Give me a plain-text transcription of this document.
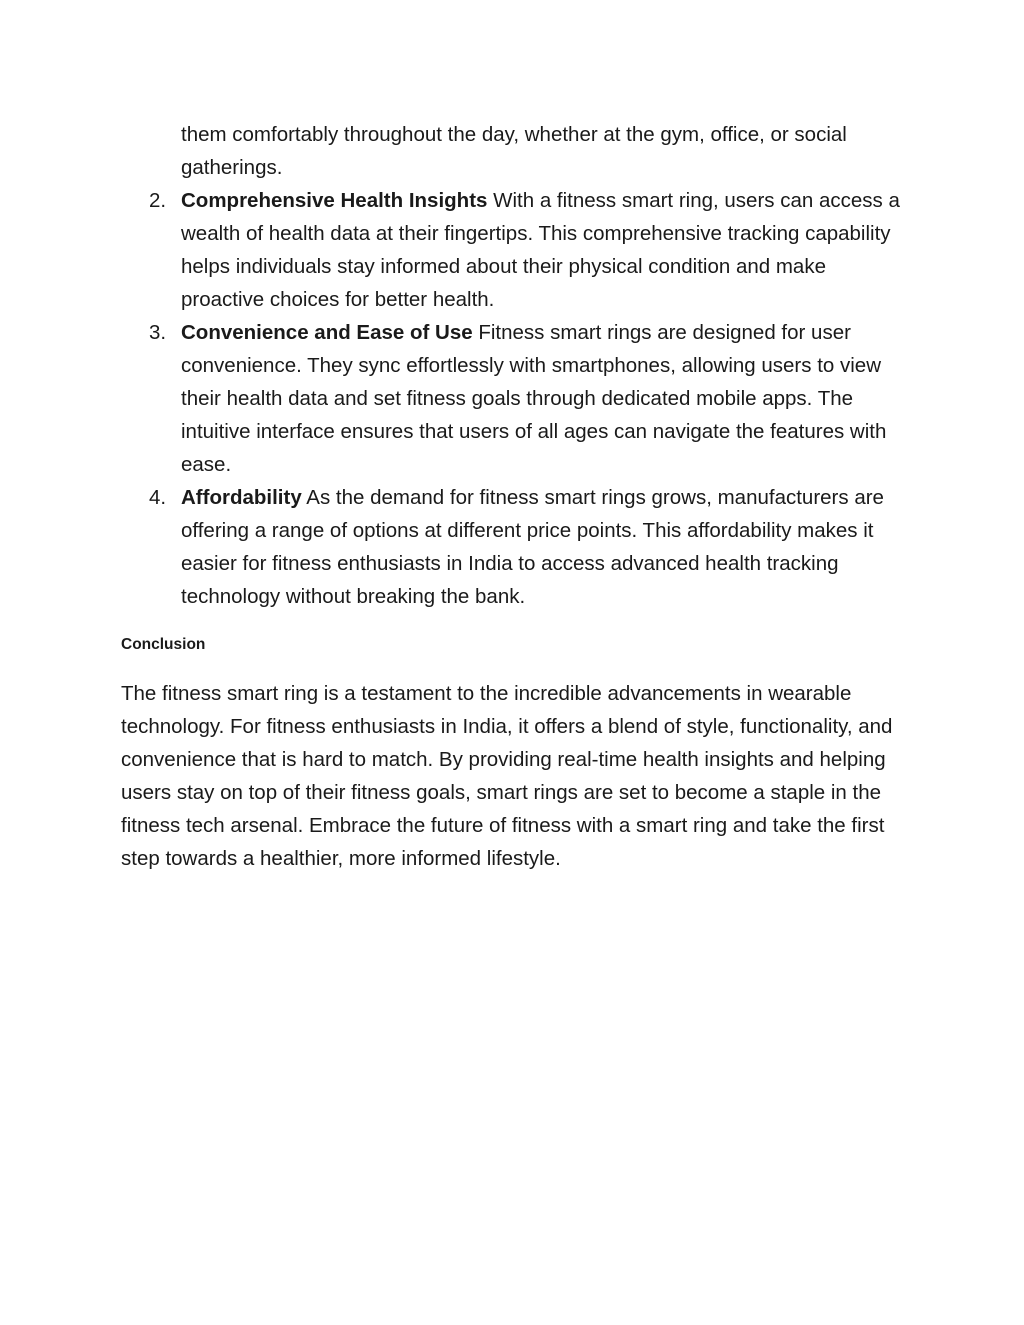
them comfortably throughout the day, whether at the gym, office, or social gatherings.

2. Comprehensive Health Insights With a fitness smart ring, users can access a wealth of health data at their fingertips. This comprehensive tracking capability helps individuals stay informed about their physical condition and make proactive choices for better health.
3. Convenience and Ease of Use Fitness smart rings are designed for user convenience. They sync effortlessly with smartphones, allowing users to view their health data and set fitness goals through dedicated mobile apps. The intuitive interface ensures that users of all ages can navigate the features with ease.
4. Affordability As the demand for fitness smart rings grows, manufacturers are offering a range of options at different price points. This affordability makes it easier for fitness enthusiasts in India to access advanced health tracking technology without breaking the bank.
Conclusion

The fitness smart ring is a testament to the incredible advancements in wearable technology. For fitness enthusiasts in India, it offers a blend of style, functionality, and convenience that is hard to match. By providing real-time health insights and helping users stay on top of their fitness goals, smart rings are set to become a staple in the fitness tech arsenal. Embrace the future of fitness with a smart ring and take the first step towards a healthier, more informed lifestyle.
